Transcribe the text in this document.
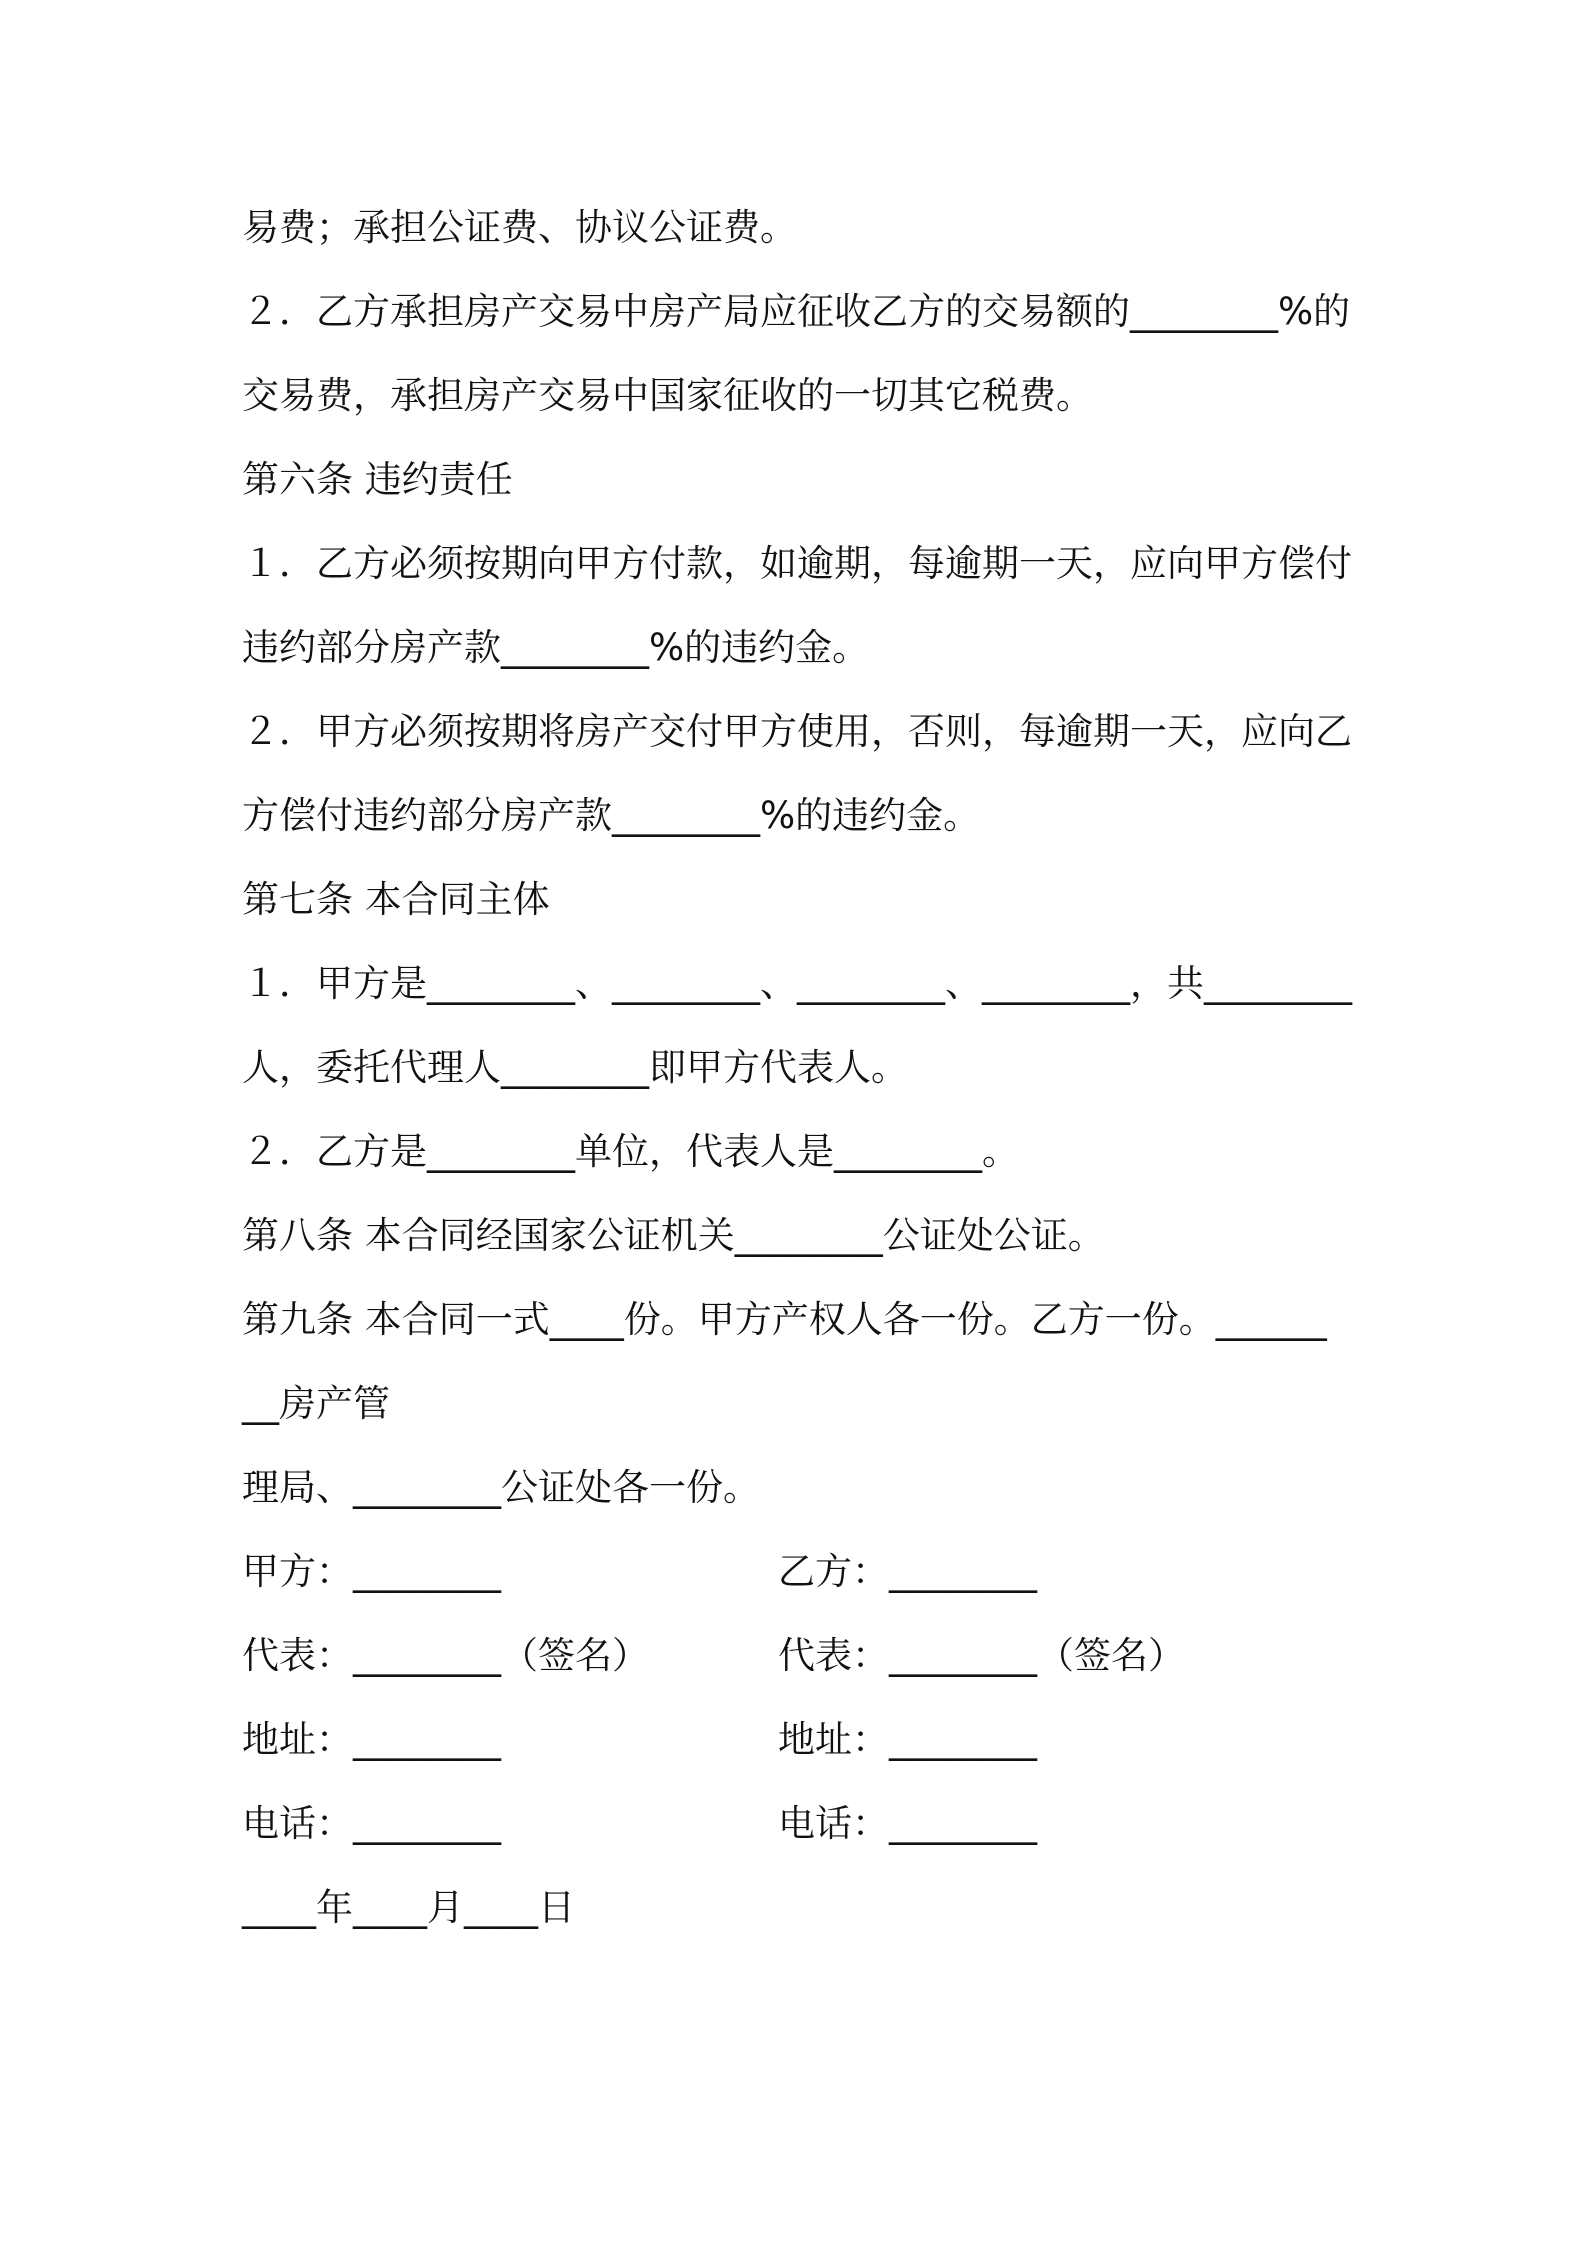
易费；承担公证费、协议公证费。
２．乙方承担房产交易中房产局应征收乙方的交易额的________%的
交易费，承担房产交易中国家征收的一切其它税费。
第六条 违约责任
１．乙方必须按期向甲方付款，如逾期，每逾期一天，应向甲方偿付
违约部分房产款________%的违约金。
２．甲方必须按期将房产交付甲方使用，否则，每逾期一天，应向乙
方偿付违约部分房产款________%的违约金。
第七条 本合同主体
１．甲方是________、________、________、________，共________
人，委托代理人________即甲方代表人。
２．乙方是________单位，代表人是________。
第八条 本合同经国家公证机关________公证处公证。
第九条 本合同一式____份。甲方产权人各一份。乙方一份。______
__房产管
理局、________公证处各一份。
甲方：________	乙方：________
代表：________（签名）	代表：________（签名）
地址：________	地址：________
电话：________	电话：________
____年____月____日
